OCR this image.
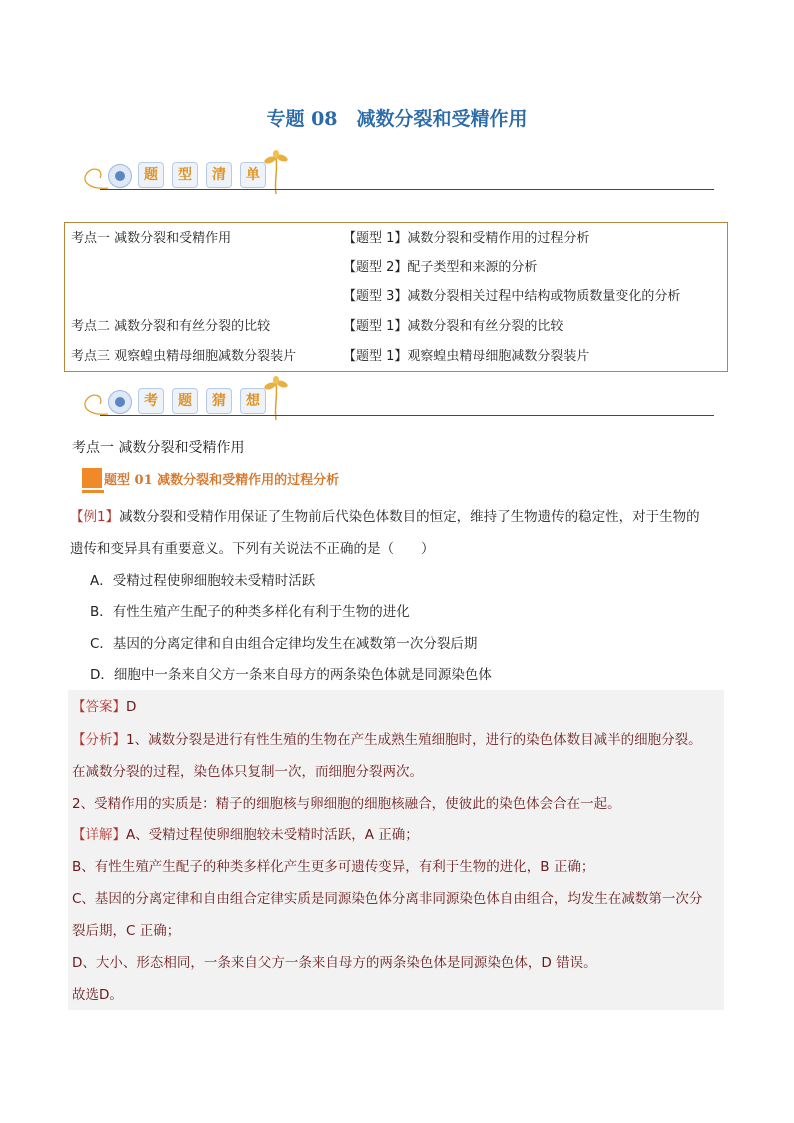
专题 08　减数分裂和受精作用
题	型	清	单
考点一 减数分裂和受精作用	【题型 1】减数分裂和受精作用的过程分析
【题型 2】配子类型和来源的分析
【题型 3】减数分裂相关过程中结构或物质数量变化的分析
考点二 减数分裂和有丝分裂的比较	【题型 1】减数分裂和有丝分裂的比较
考点三 观察蝗虫精母细胞减数分裂装片	【题型 1】观察蝗虫精母细胞减数分裂装片
考	题	猜	想
考点一 减数分裂和受精作用
题型 01 减数分裂和受精作用的过程分析
【例1】减数分裂和受精作用保证了生物前后代染色体数目的恒定，维持了生物遗传的稳定性，对于生物的
遗传和变异具有重要意义。下列有关说法不正确的是（　　）
A．受精过程使卵细胞较未受精时活跃
B．有性生殖产生配子的种类多样化有利于生物的进化
C．基因的分离定律和自由组合定律均发生在减数第一次分裂后期
D．细胞中一条来自父方一条来自母方的两条染色体就是同源染色体
【答案】D
【分析】1、减数分裂是进行有性生殖的生物在产生成熟生殖细胞时，进行的染色体数目减半的细胞分裂。
在减数分裂的过程，染色体只复制一次，而细胞分裂两次。
2、受精作用的实质是：精子的细胞核与卵细胞的细胞核融合，使彼此的染色体会合在一起。
【详解】A、受精过程使卵细胞较未受精时活跃，A 正确；
B、有性生殖产生配子的种类多样化产生更多可遗传变异，有利于生物的进化，B 正确；
C、基因的分离定律和自由组合定律实质是同源染色体分离非同源染色体自由组合，均发生在减数第一次分
裂后期，C 正确；
D、大小、形态相同，一条来自父方一条来自母方的两条染色体是同源染色体，D 错误。
故选D。
